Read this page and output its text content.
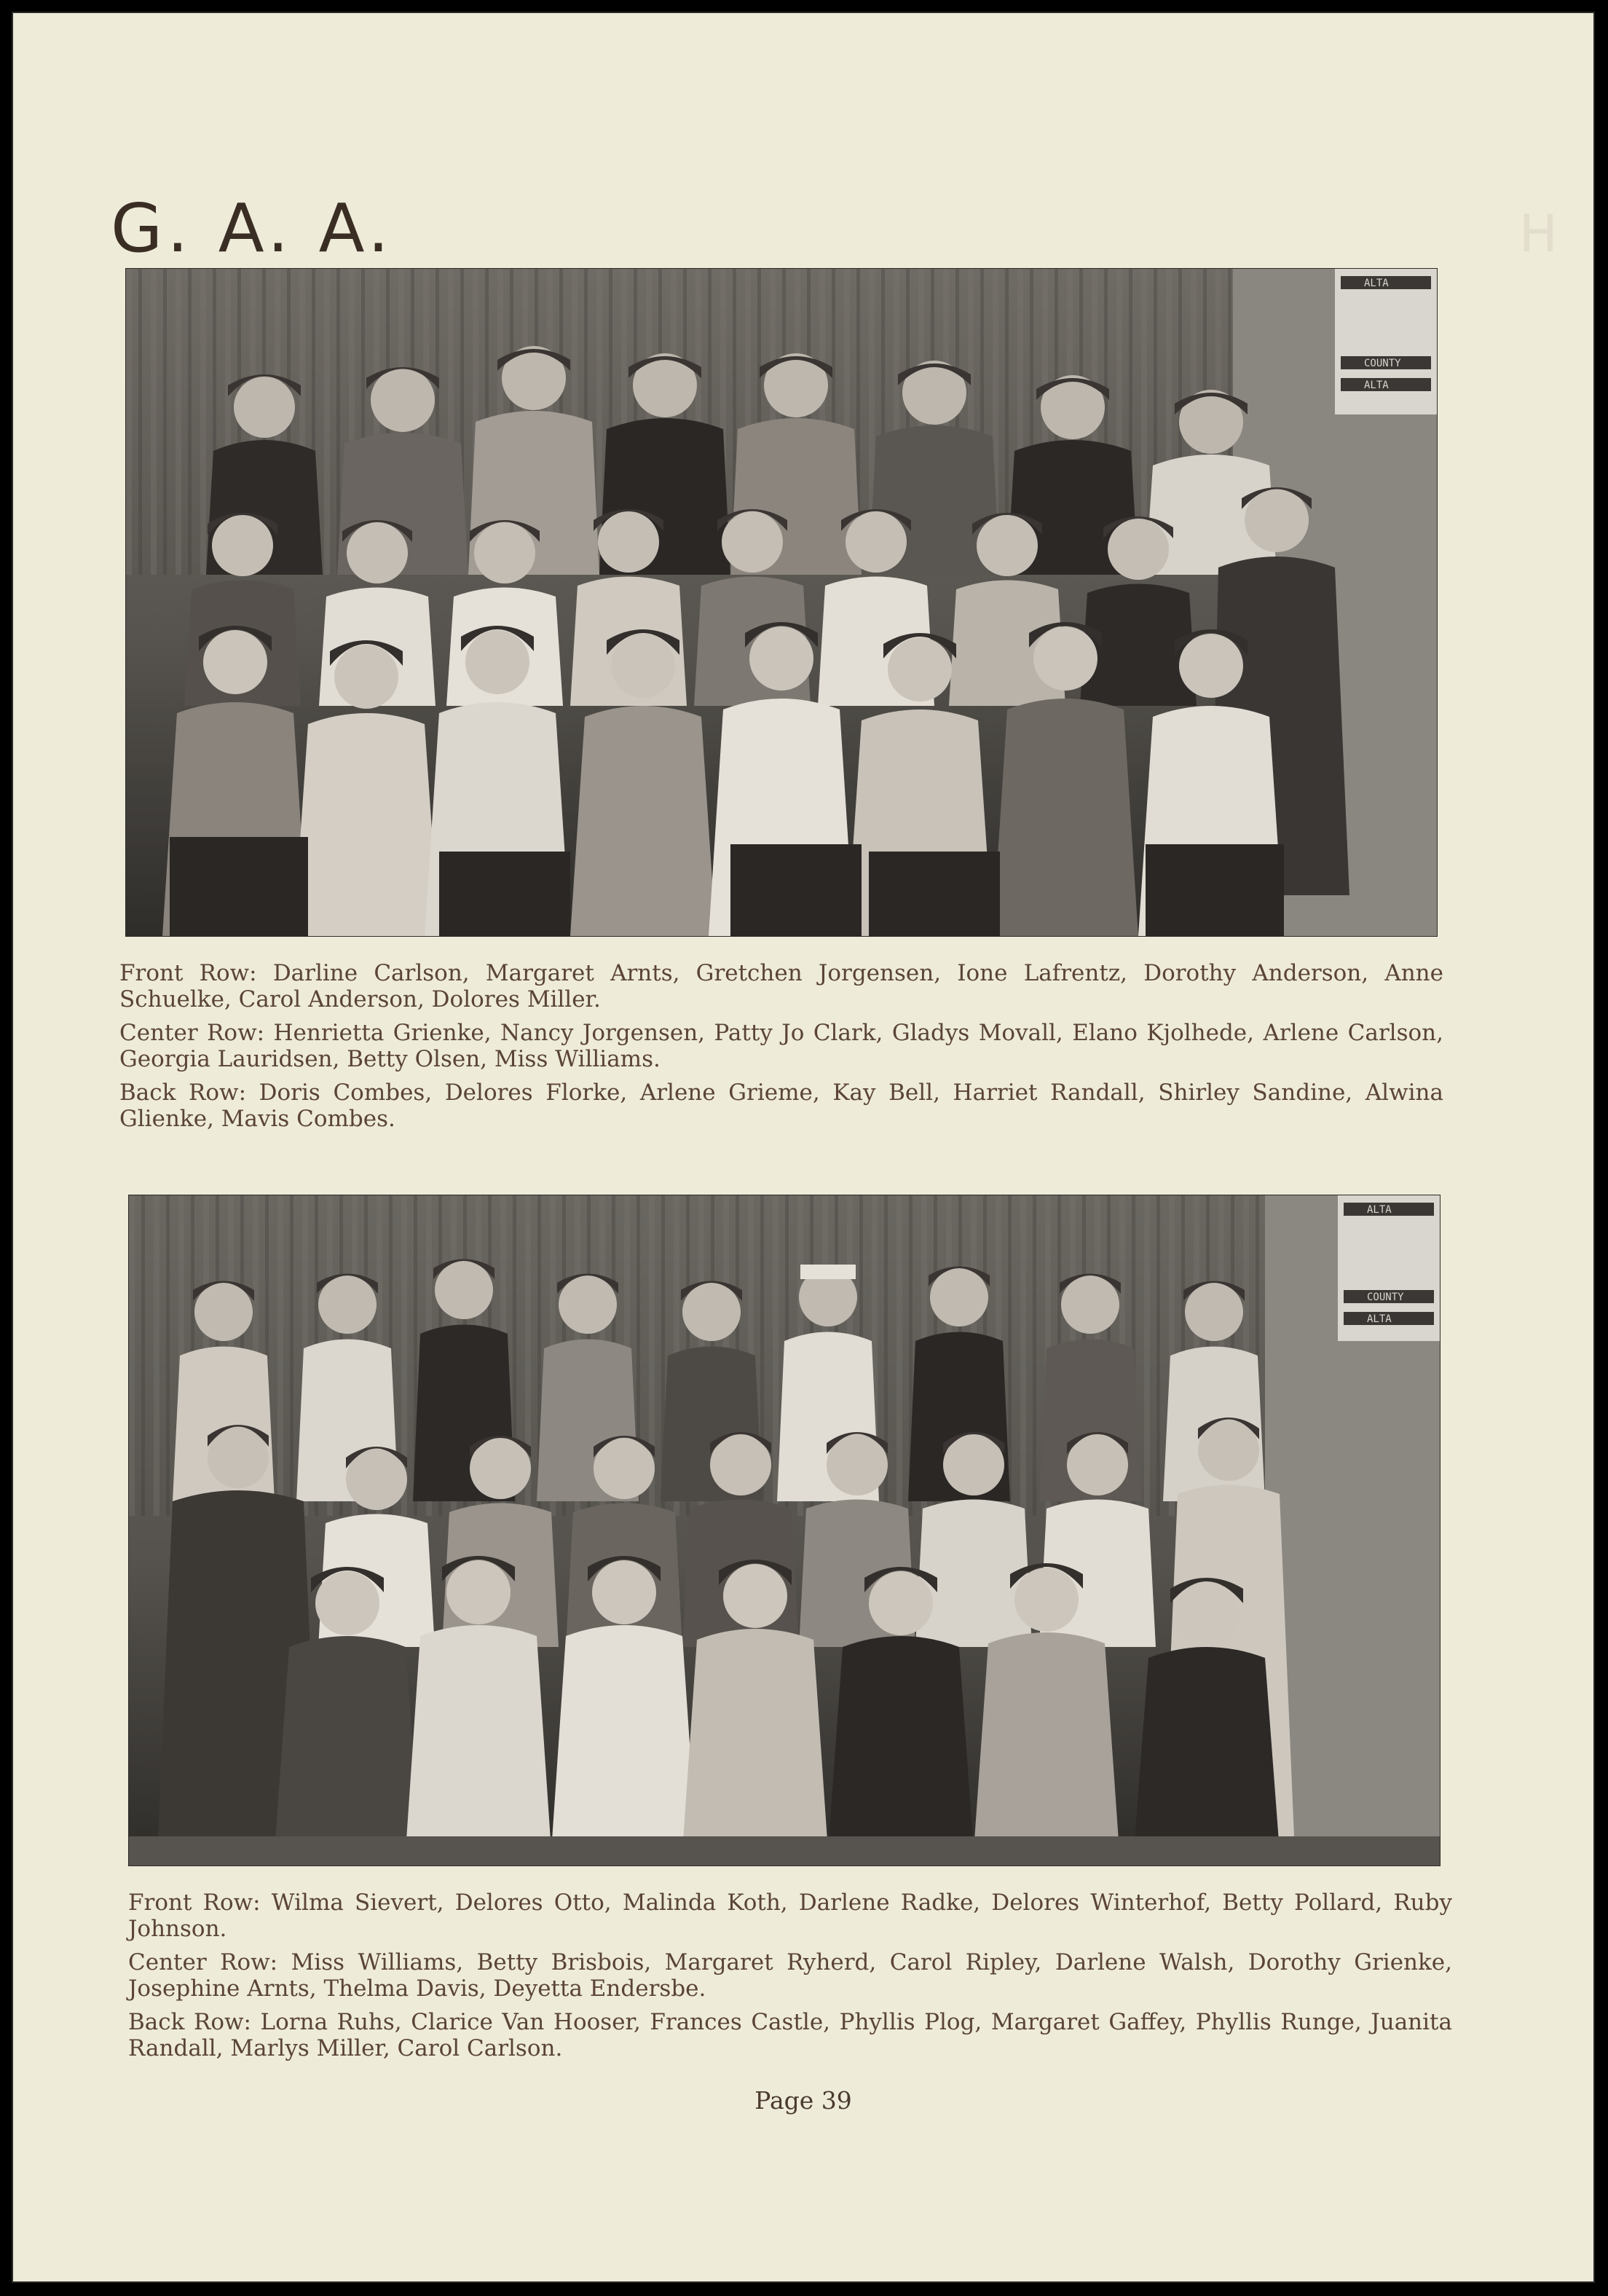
H
G. A. A.
ALTA
COUNTY
ALTA

Front Row: Darline Carlson, Margaret Arnts, Gretchen Jorgensen, Ione Lafrentz, Dorothy Anderson, Anne Schuelke, Carol Anderson, Dolores Miller.

Center Row: Henrietta Grienke, Nancy Jorgensen, Patty Jo Clark, Gladys Movall, Elano Kjolhede, Arlene Carlson, Georgia Lauridsen, Betty Olsen, Miss Williams.

Back Row: Doris Combes, Delores Florke, Arlene Grieme, Kay Bell, Harriet Randall, Shirley Sandine, Alwina Glienke, Mavis Combes.

ALTA
COUNTY
ALTA

Front Row: Wilma Sievert, Delores Otto, Malinda Koth, Darlene Radke, Delores Winterhof, Betty Pollard, Ruby Johnson.

Center Row: Miss Williams, Betty Brisbois, Margaret Ryherd, Carol Ripley, Darlene Walsh, Dorothy Grienke, Josephine Arnts, Thelma Davis, Deyetta Endersbe.

Back Row: Lorna Ruhs, Clarice Van Hooser, Frances Castle, Phyllis Plog, Margaret Gaffey, Phyllis Runge, Juanita Randall, Marlys Miller, Carol Carlson.

Page 39
